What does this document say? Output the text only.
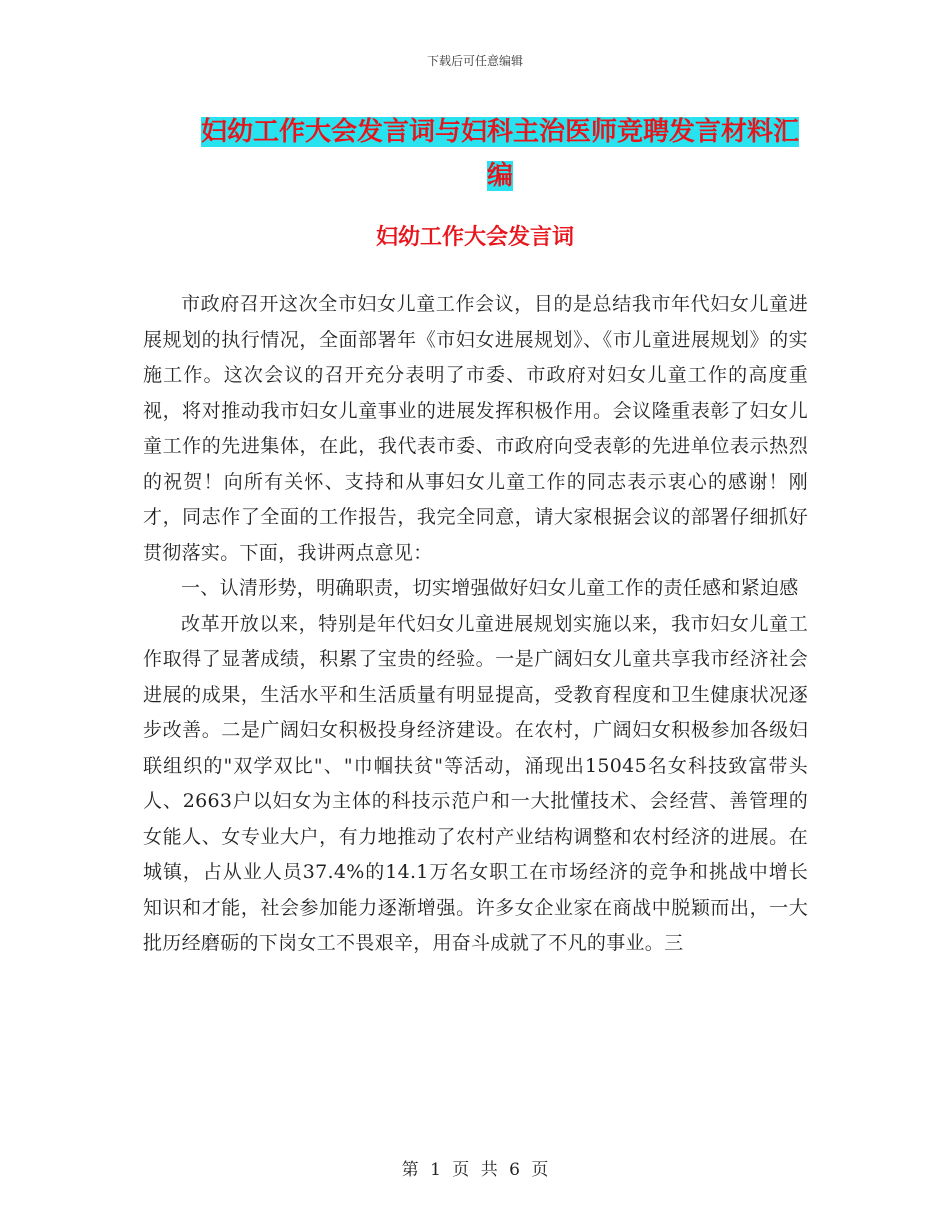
下载后可任意编辑
妇幼工作大会发言词与妇科主治医师竞聘发言材料汇
编
妇幼工作大会发言词

市政府召开这次全市妇女儿童工作会议，目的是总结我市年代妇女儿童进展规划的执行情况，全面部署年《市妇女进展规划》、《市儿童进展规划》的实施工作。这次会议的召开充分表明了市委、市政府对妇女儿童工作的高度重视，将对推动我市妇女儿童事业的进展发挥积极作用。会议隆重表彰了妇女儿童工作的先进集体，在此，我代表市委、市政府向受表彰的先进单位表示热烈的祝贺！向所有关怀、支持和从事妇女儿童工作的同志表示衷心的感谢！刚才，同志作了全面的工作报告，我完全同意，请大家根据会议的部署仔细抓好贯彻落实。下面，我讲两点意见：

一、认清形势，明确职责，切实增强做好妇女儿童工作的责任感和紧迫感

改革开放以来，特别是年代妇女儿童进展规划实施以来，我市妇女儿童工作取得了显著成绩，积累了宝贵的经验。一是广阔妇女儿童共享我市经济社会进展的成果，生活水平和生活质量有明显提高，受教育程度和卫生健康状况逐步改善。二是广阔妇女积极投身经济建设。在农村，广阔妇女积极参加各级妇联组织的"双学双比"、"巾帼扶贫"等活动，涌现出15045名女科技致富带头人、2663户以妇女为主体的科技示范户和一大批懂技术、会经营、善管理的女能人、女专业大户，有力地推动了农村产业结构调整和农村经济的进展。在城镇，占从业人员37.4%的14.1万名女职工在市场经济的竞争和挑战中增长知识和才能，社会参加能力逐渐增强。许多女企业家在商战中脱颖而出，一大批历经磨砺的下岗女工不畏艰辛，用奋斗成就了不凡的事业。三

第 1 页 共 6 页
